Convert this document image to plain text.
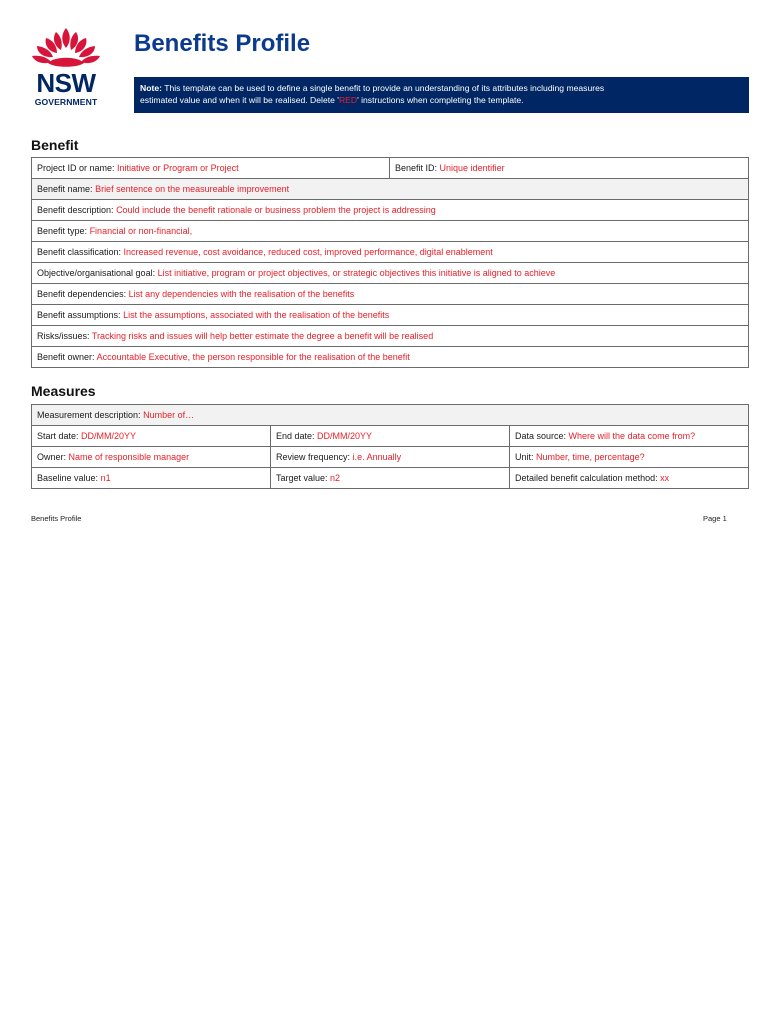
NSW
GOVERNMENT
Benefits Profile
Note: This template can be used to define a single benefit to provide an understanding of its attributes including measures estimated value and when it will be realised. Delete 'RED' instructions when completing the template.
Benefit
Project ID or name: Initiative or Program or Project	Benefit ID: Unique identifier
Benefit name: Brief sentence on the measureable improvement
Benefit description: Could include the benefit rationale or business problem the project is addressing
Benefit type: Financial or non-financial,
Benefit classification: Increased revenue, cost avoidance, reduced cost, improved performance, digital enablement
Objective/organisational goal: List initiative, program or project objectives, or strategic objectives this initiative is aligned to achieve
Benefit dependencies: List any dependencies with the realisation of the benefits
Benefit assumptions: List the assumptions, associated with the realisation of the benefits
Risks/issues: Tracking risks and issues will help better estimate the degree a benefit will be realised
Benefit owner: Accountable Executive, the person responsible for the realisation of the benefit
Measures
Measurement description: Number of…		
Start date: DD/MM/20YY	End date: DD/MM/20YY	Data source: Where will the data come from?
Owner: Name of responsible manager	Review frequency: i.e. Annually	Unit: Number, time, percentage?
Baseline value: n1	Target value: n2	Detailed benefit calculation method: xx
Benefits Profile	Page 1
